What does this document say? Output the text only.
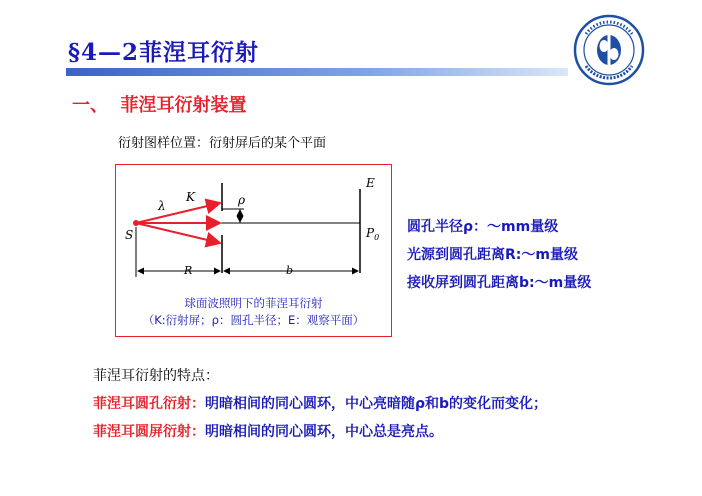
§4—2菲涅耳衍射
一、  菲涅耳衍射装置
衍射图样位置：衍射屏后的某个平面
E
K	ρ
λ
S	$P_0$
R	b
球面波照明下的菲涅耳衍射
（K:衍射屏；ρ：圆孔半径；E：观察平面）
圆孔半径ρ：～mm量级
光源到圆孔距离R:～m量级
接收屏到圆孔距离b:～m量级
菲涅耳衍射的特点：
菲涅耳圆孔衍射：明暗相间的同心圆环，中心亮暗随ρ和b的变化而变化；
菲涅耳圆屏衍射：明暗相间的同心圆环，中心总是亮点。
